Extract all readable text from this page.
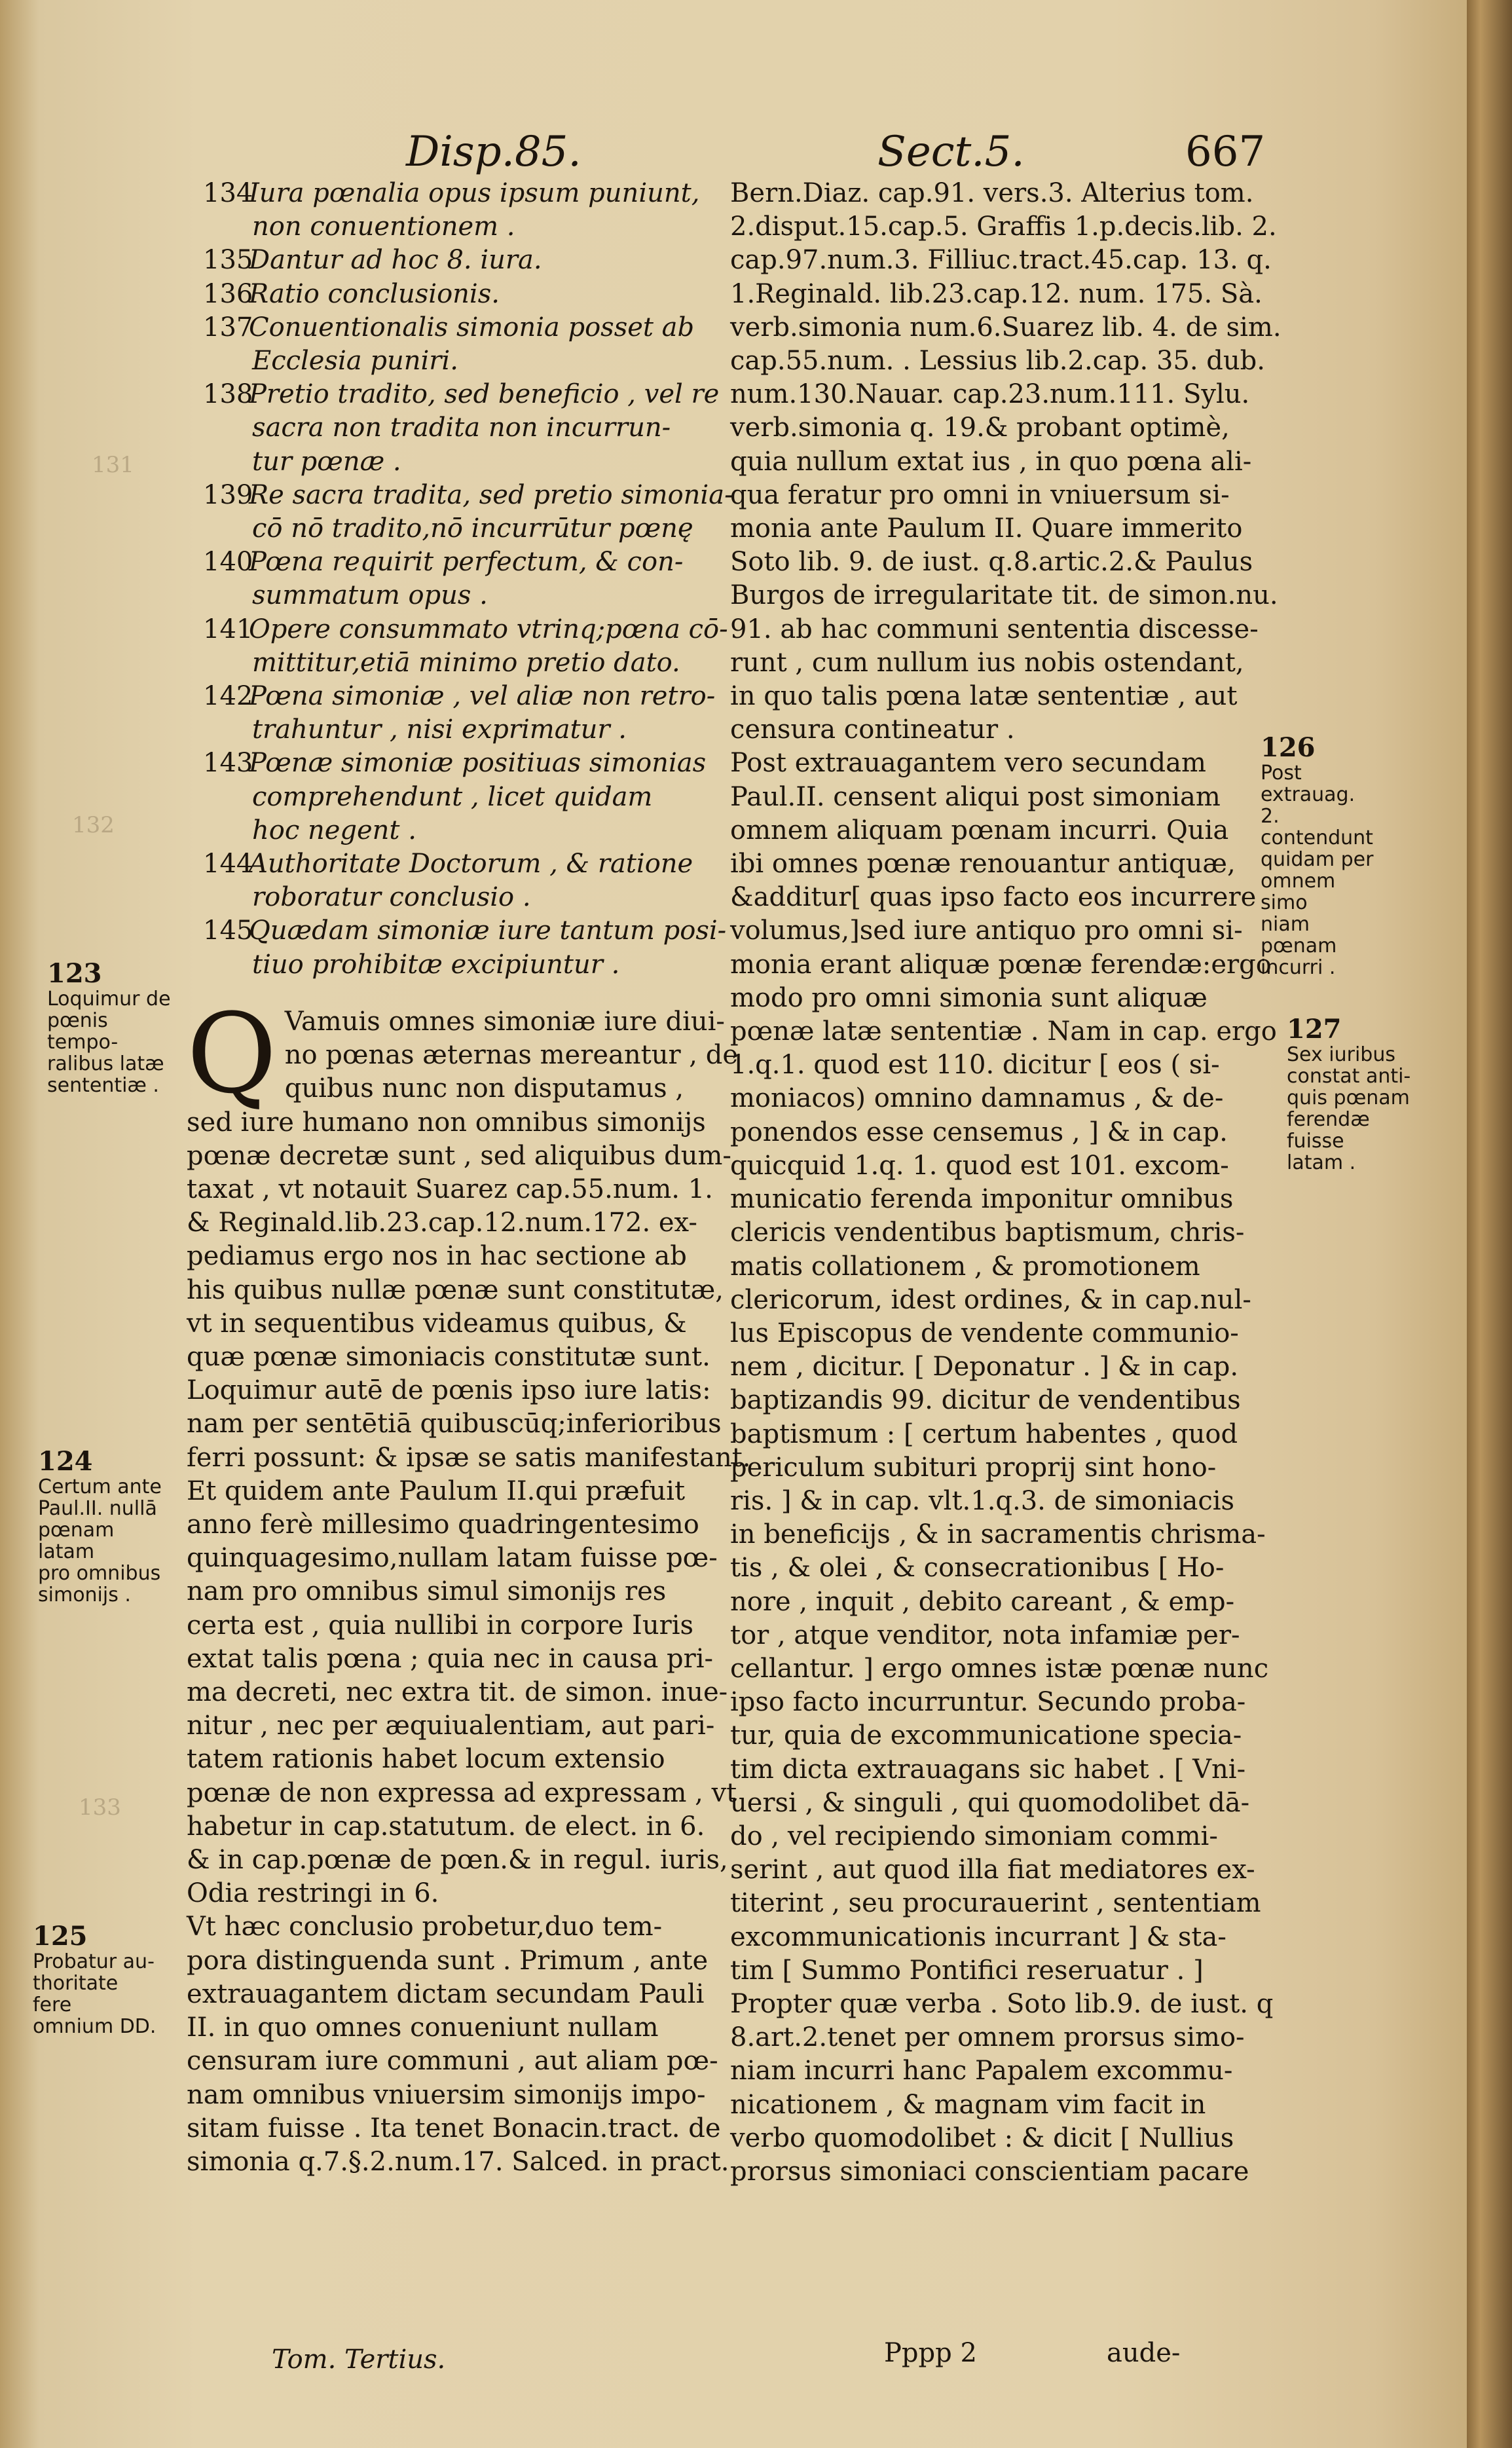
Disp.85.	Sect.5.	667
134Iura pœnalia opus ipsum puniunt,
non conuentionem .
135Dantur ad hoc 8. iura.
136Ratio conclusionis.
137Conuentionalis simonia posset ab
Ecclesia puniri.
138Pretio tradito, sed beneficio , vel re
sacra non tradita non incurrun-
tur pœnæ .
139Re sacra tradita, sed pretio simonia-
cō nō tradito,nō incurrūtur pœnę
140Pœna requirit perfectum, & con-
summatum opus .
141Opere consummato vtrinq;pœna cō-
mittitur,etiā minimo pretio dato.
142Pœna simoniæ , vel aliæ non retro-
trahuntur , nisi exprimatur .
143Pœnæ simoniæ positiuas simonias
comprehendunt , licet quidam
hoc negent .
144Authoritate Doctorum , & ratione
roboratur conclusio .
145Quædam simoniæ iure tantum posi-
tiuo prohibitæ excipiuntur .
Q Vamuis omnes simoniæ iure diui-
no pœnas æternas mereantur , de
quibus nunc non disputamus ,
sed iure humano non omnibus simonijs
pœnæ decretæ sunt , sed aliquibus dum-
taxat , vt notauit Suarez cap.55.num. 1.
& Reginald.lib.23.cap.12.num.172. ex-
pediamus ergo nos in hac sectione ab
his quibus nullæ pœnæ sunt constitutæ,
vt in sequentibus videamus quibus, &
quæ pœnæ simoniacis constitutæ sunt.
Loquimur autē de pœnis ipso iure latis:
nam per sentētiā quibuscūq;inferioribus
ferri possunt: & ipsæ se satis manifestant.
Et quidem ante Paulum II.qui præfuit
anno ferè millesimo quadringentesimo
quinquagesimo,nullam latam fuisse pœ-
nam pro omnibus simul simonijs res
certa est , quia nullibi in corpore Iuris
extat talis pœna ; quia nec in causa pri-
ma decreti, nec extra tit. de simon. inue-
nitur , nec per æquiualentiam, aut pari-
tatem rationis habet locum extensio
pœnæ de non expressa ad expressam , vt
habetur in cap.statutum. de elect. in 6.
& in cap.pœnæ de pœn.& in regul. iuris,
Odia restringi in 6.
Vt hæc conclusio probetur,duo tem-
pora distinguenda sunt . Primum , ante
extrauagantem dictam secundam Pauli
II. in quo omnes conueniunt nullam
censuram iure communi , aut aliam pœ-
nam omnibus vniuersim simonijs impo-
sitam fuisse . Ita tenet Bonacin.tract. de
simonia q.7.§.2.num.17. Salced. in pract.
Bern.Diaz. cap.91. vers.3. Alterius tom.
2.disput.15.cap.5. Graffis 1.p.decis.lib. 2.
cap.97.num.3. Filliuc.tract.45.cap. 13. q.
1.Reginald. lib.23.cap.12. num. 175. Sà.
verb.simonia num.6.Suarez lib. 4. de sim.
cap.55.num. . Lessius lib.2.cap. 35. dub.
num.130.Nauar. cap.23.num.111. Sylu.
verb.simonia q. 19.& probant optimè,
quia nullum extat ius , in quo pœna ali-
qua feratur pro omni in vniuersum si-
monia ante Paulum II. Quare immerito
Soto lib. 9. de iust. q.8.artic.2.& Paulus
Burgos de irregularitate tit. de simon.nu.
91. ab hac communi sententia discesse-
runt , cum nullum ius nobis ostendant,
in quo talis pœna latæ sententiæ , aut
censura contineatur .
Post extrauagantem vero secundam
Paul.II. censent aliqui post simoniam
omnem aliquam pœnam incurri. Quia
ibi omnes pœnæ renouantur antiquæ,
&additur[ quas ipso facto eos incurrere
volumus,]sed iure antiquo pro omni si-
monia erant aliquæ pœnæ ferendæ:ergo
modo pro omni simonia sunt aliquæ
pœnæ latæ sententiæ . Nam in cap. ergo
1.q.1. quod est 110. dicitur [ eos ( si-
moniacos) omnino damnamus , & de-
ponendos esse censemus , ] & in cap.
quicquid 1.q. 1. quod est 101. excom-
municatio ferenda imponitur omnibus
clericis vendentibus baptismum, chris-
matis collationem , & promotionem
clericorum, idest ordines, & in cap.nul-
lus Episcopus de vendente communio-
nem , dicitur. [ Deponatur . ] & in cap.
baptizandis 99. dicitur de vendentibus
baptismum : [ certum habentes , quod
periculum subituri proprij sint hono-
ris. ] & in cap. vlt.1.q.3. de simoniacis
in beneficijs , & in sacramentis chrisma-
tis , & olei , & consecrationibus [ Ho-
nore , inquit , debito careant , & emp-
tor , atque venditor, nota infamiæ per-
cellantur. ] ergo omnes istæ pœnæ nunc
ipso facto incurruntur. Secundo proba-
tur, quia de excommunicatione specia-
tim dicta extrauagans sic habet . [ Vni-
uersi , & singuli , qui quomodolibet dā-
do , vel recipiendo simoniam commi-
serint , aut quod illa fiat mediatores ex-
titerint , seu procurauerint , sententiam
excommunicationis incurrant ] & sta-
tim [ Summo Pontifici reseruatur . ]
Propter quæ verba . Soto lib.9. de iust. q
8.art.2.tenet per omnem prorsus simo-
niam incurri hanc Papalem excommu-
nicationem , & magnam vim facit in
verbo quomodolibet : & dicit [ Nullius
prorsus simoniaci conscientiam pacare
123
Loquimur de
pœnis tempo-
ralibus latæ
sententiæ .
124
Certum ante
Paul.II. nullā
pœnam latam
pro omnibus
simonijs .
125
Probatur au-
thoritate fere
omnium DD.
126
Post extrauag.
2. contendunt
quidam per
omnem simo
niam pœnam
incurri .
127
Sex iuribus
constat anti-
quis pœnam
ferendæ fuisse
latam .
131
132
133
Tom. Tertius.	Pppp 2	aude-
